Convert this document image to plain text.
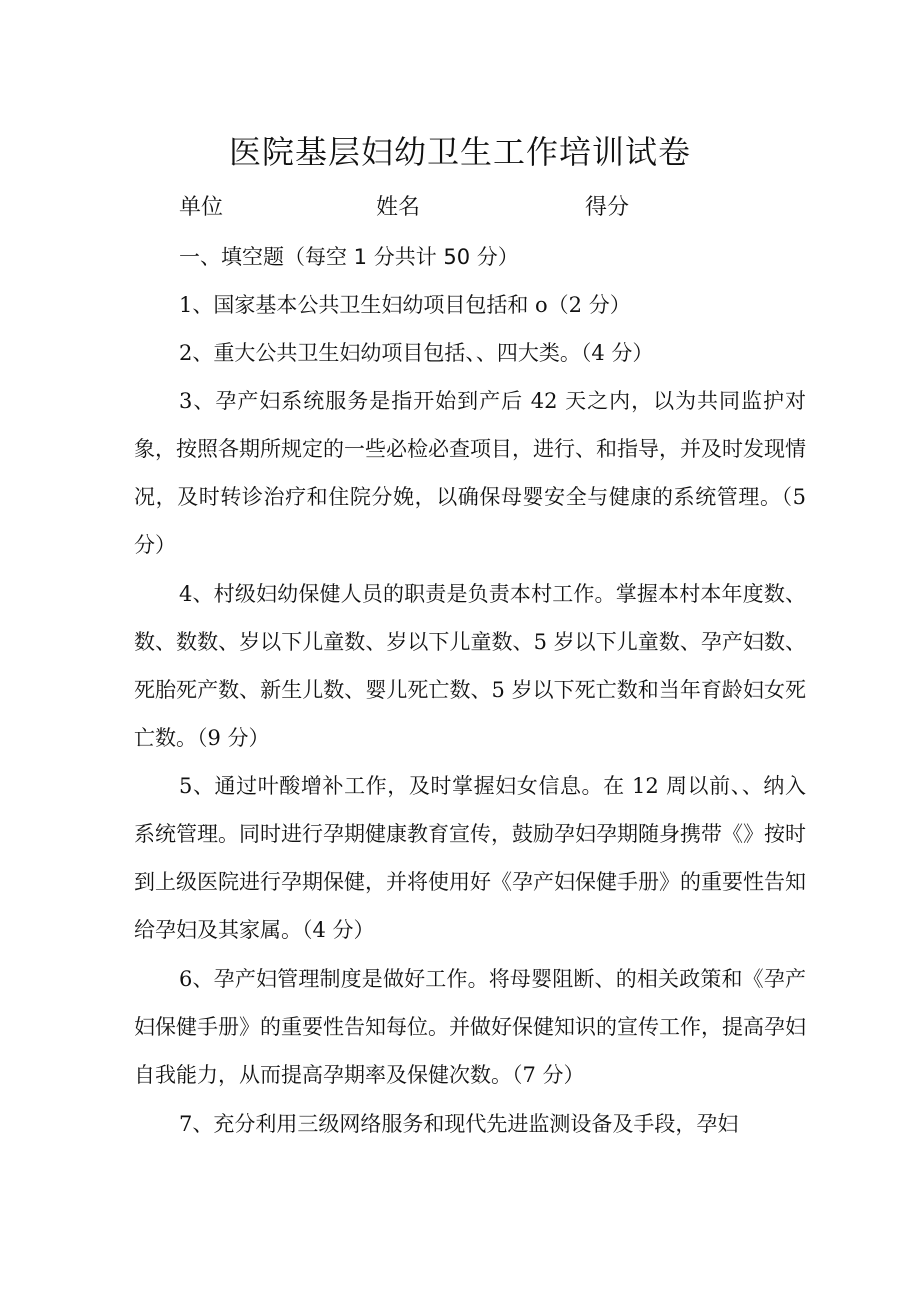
医院基层妇幼卫生工作培训试卷
单位	姓名	得分
一、填空题（每空 1 分共计 50 分）
1、国家基本公共卫生妇幼项目包括和 o（2 分）
2、重大公共卫生妇幼项目包括、、四大类。（4 分）
3、孕产妇系统服务是指开始到产后 42 天之内，以为共同监护对象，按照各期所规定的一些必检必查项目，进行、和指导，并及时发现情况，及时转诊治疗和住院分娩，以确保母婴安全与健康的系统管理。（5 分）
4、村级妇幼保健人员的职责是负责本村工作。掌握本村本年度数、数、数数、岁以下儿童数、岁以下儿童数、5 岁以下儿童数、孕产妇数、死胎死产数、新生儿数、婴儿死亡数、5 岁以下死亡数和当年育龄妇女死亡数。（9 分）
5、通过叶酸增补工作，及时掌握妇女信息。在 12 周以前、、纳入系统管理。同时进行孕期健康教育宣传，鼓励孕妇孕期随身携带《》按时到上级医院进行孕期保健，并将使用好《孕产妇保健手册》的重要性告知给孕妇及其家属。（4 分）
6、孕产妇管理制度是做好工作。将母婴阻断、的相关政策和《孕产妇保健手册》的重要性告知每位。并做好保健知识的宣传工作，提高孕妇自我能力，从而提高孕期率及保健次数。（7 分）
7、充分利用三级网络服务和现代先进监测设备及手段，孕妇
